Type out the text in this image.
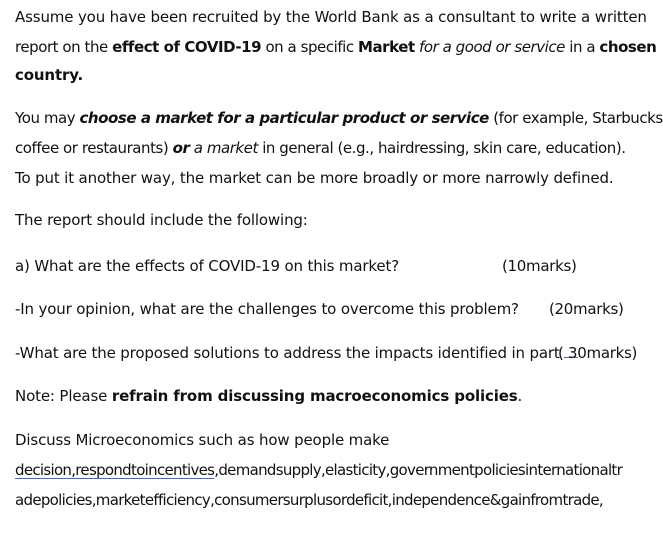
Assume you have been recruited by the World Bank as a consultant to write a written
report on the effect of COVID-19 on a specific Market for a good or service in a chosen
country.
You may choose a market for a particular product or service (for example, Starbucks
coffee or restaurants) or a market in general (e.g., hairdressing, skin care, education).
To put it another way, the market can be more broadly or more narrowly defined.
The report should include the following:
a) What are the effects of COVID-19 on this market?	(10marks)
-In your opinion, what are the challenges to overcome this problem? (20marks)
-What are the proposed solutions to address the impacts identified in part
( 30marks)
Note: Please refrain from discussing macroeconomics policies.
Discuss Microeconomics such as how people make
decision,respondtoincentives,demandsupply,elasticity,governmentpoliciesinternationaltr
adepolicies,marketefficiency,consumersurplusordeficit,independence&gainfromtrade,
